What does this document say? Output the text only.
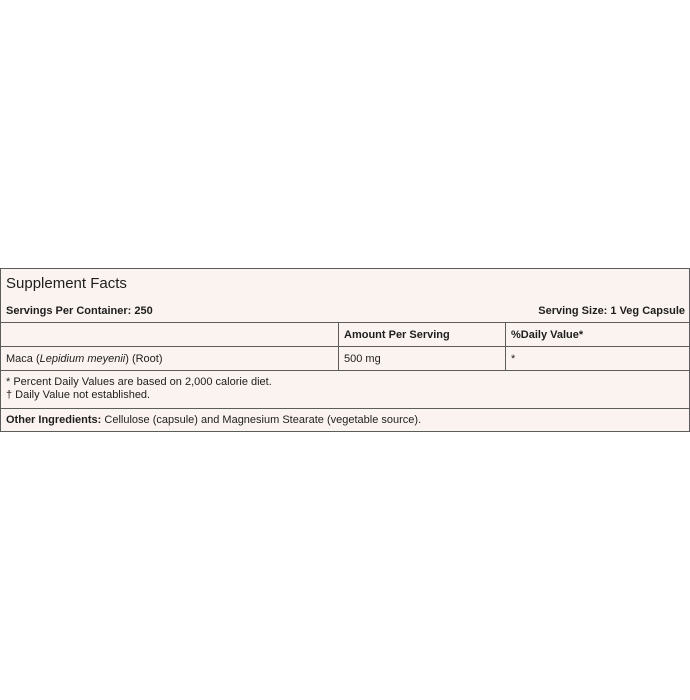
Supplement Facts
Servings Per Container: 250	Serving Size: 1 Veg Capsule
	Amount Per Serving	%Daily Value*
Maca (Lepidium meyenii) (Root)	500 mg	*
* Percent Daily Values are based on 2,000 calorie diet.
† Daily Value not established.
Other Ingredients: Cellulose (capsule) and Magnesium Stearate (vegetable source).
